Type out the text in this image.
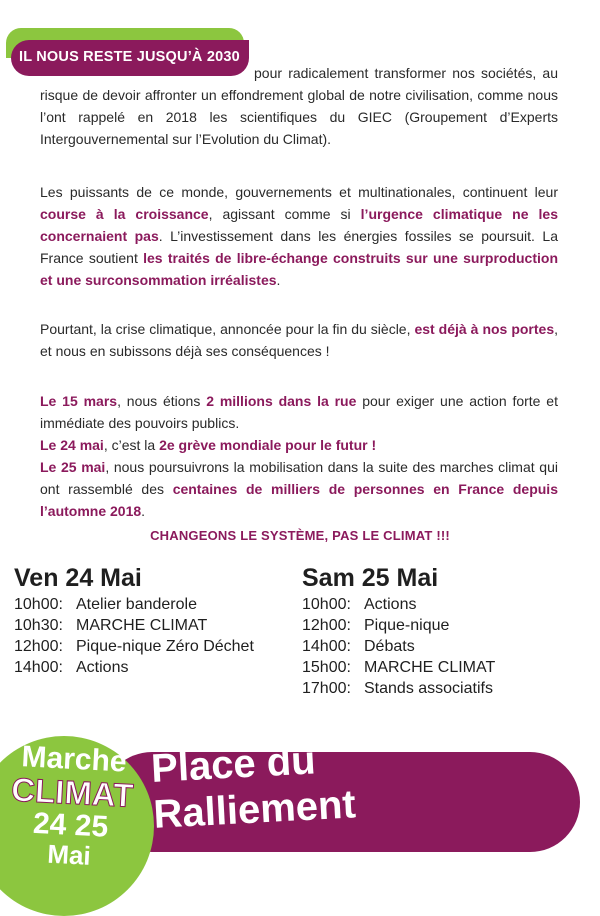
IL NOUS RESTE JUSQU’À 2030
pour radicalement transformer nos sociétés, au risque de devoir affronter un effondrement global de notre civilisation, comme nous l’ont rappelé en 2018 les scientifiques du GIEC (Groupement d’Experts Intergouvernemental sur l’Evolution du Climat).
Les puissants de ce monde, gouvernements et multinationales, continuent leur course à la croissance, agissant comme si l’urgence climatique ne les concernaient pas. L’investissement dans les énergies fossiles se poursuit. La France soutient les traités de libre-échange construits sur une surproduction et une surconsommation irréalistes.
Pourtant, la crise climatique, annoncée pour la fin du siècle, est déjà à nos portes, et nous en subissons déjà ses conséquences !
Le 15 mars, nous étions 2 millions dans la rue pour exiger une action forte et immédiate des pouvoirs publics.
Le 24 mai, c’est la 2e grève mondiale pour le futur !
Le 25 mai, nous poursuivrons la mobilisation dans la suite des marches climat qui ont rassemblé des centaines de milliers de personnes en France depuis l’automne 2018.
CHANGEONS LE SYSTÈME, PAS LE CLIMAT !!!
Ven 24 Mai
10h00: Atelier banderole
10h30: MARCHE CLIMAT
12h00: Pique-nique Zéro Déchet
14h00: Actions
Sam 25 Mai
10h00: Actions
12h00: Pique-nique
14h00: Débats
15h00: MARCHE CLIMAT
17h00: Stands associatifs
Place du
Ralliement
Marche
CLIMAT
24 25
Mai
